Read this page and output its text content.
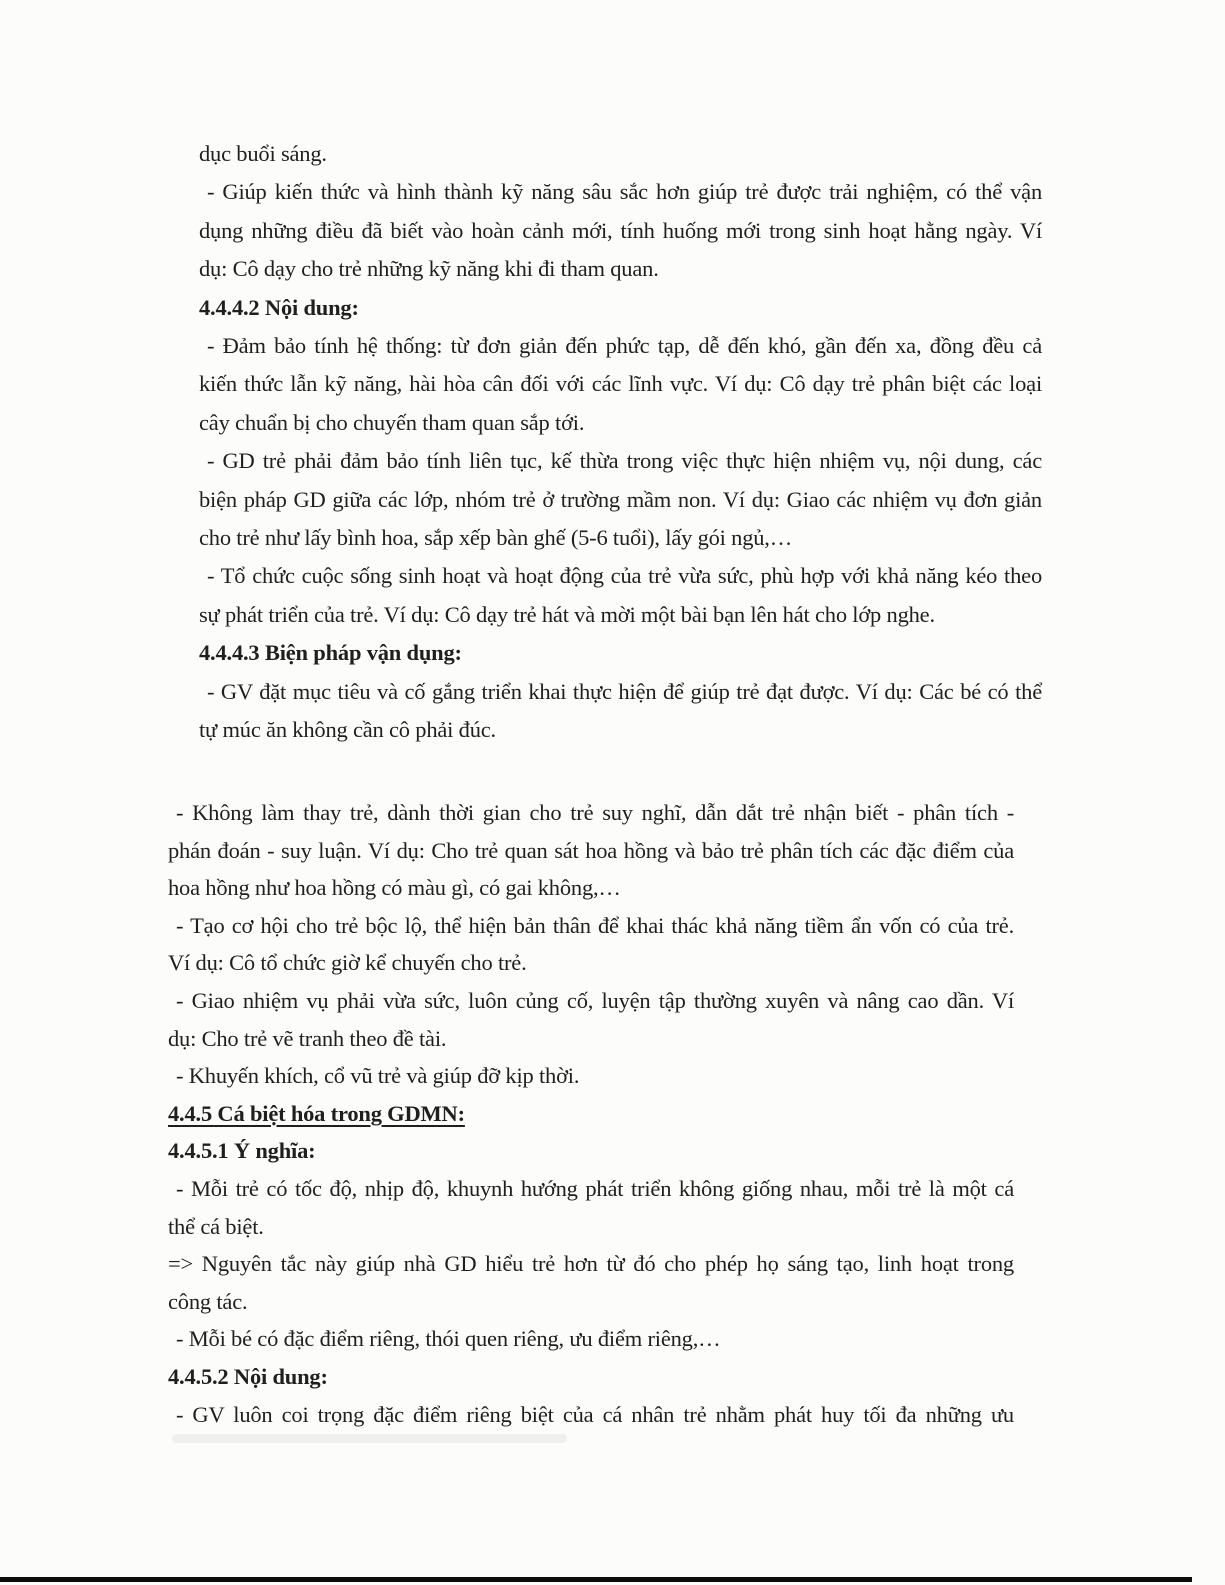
dục buổi sáng.
- Giúp kiến thức và hình thành kỹ năng sâu sắc hơn giúp trẻ được trải nghiệm, có thể vận
dụng những điều đã biết vào hoàn cảnh mới, tính huống mới trong sinh hoạt hằng ngày. Ví
dụ: Cô dạy cho trẻ những kỹ năng khi đi tham quan.
4.4.4.2 Nội dung:
- Đảm bảo tính hệ thống: từ đơn giản đến phức tạp, dễ đến khó, gần đến xa, đồng đều cả
kiến thức lẫn kỹ năng, hài hòa cân đối với các lĩnh vực. Ví dụ: Cô dạy trẻ phân biệt các loại
cây chuẩn bị cho chuyến tham quan sắp tới.
- GD trẻ phải đảm bảo tính liên tục, kế thừa trong việc thực hiện nhiệm vụ, nội dung, các
biện pháp GD giữa các lớp, nhóm trẻ ở trường mầm non. Ví dụ: Giao các nhiệm vụ đơn giản
cho trẻ như lấy bình hoa, sắp xếp bàn ghế (5-6 tuổi), lấy gói ngủ,…
- Tổ chức cuộc sống sinh hoạt và hoạt động của trẻ vừa sức, phù hợp với khả năng kéo theo
sự phát triển của trẻ. Ví dụ: Cô dạy trẻ hát và mời một bài bạn lên hát cho lớp nghe.
4.4.4.3 Biện pháp vận dụng:
- GV đặt mục tiêu và cố gắng triển khai thực hiện để giúp trẻ đạt được. Ví dụ: Các bé có thể
tự múc ăn không cần cô phải đúc.
- Không làm thay trẻ, dành thời gian cho trẻ suy nghĩ, dẫn dắt trẻ nhận biết - phân tích -
phán đoán - suy luận. Ví dụ: Cho trẻ quan sát hoa hồng và bảo trẻ phân tích các đặc điểm của
hoa hồng như hoa hồng có màu gì, có gai không,…
- Tạo cơ hội cho trẻ bộc lộ, thể hiện bản thân để khai thác khả năng tiềm ẩn vốn có của trẻ.
Ví dụ: Cô tổ chức giờ kể chuyến cho trẻ.
- Giao nhiệm vụ phải vừa sức, luôn củng cố, luyện tập thường xuyên và nâng cao dần. Ví
dụ: Cho trẻ vẽ tranh theo đề tài.
- Khuyến khích, cổ vũ trẻ và giúp đỡ kịp thời.
4.4.5 Cá biệt hóa trong GDMN:
4.4.5.1 Ý nghĩa:
- Mỗi trẻ có tốc độ, nhịp độ, khuynh hướng phát triển không giống nhau, mỗi trẻ là một cá
thể cá biệt.
=> Nguyên tắc này giúp nhà GD hiểu trẻ hơn từ đó cho phép họ sáng tạo, linh hoạt trong
công tác.
- Mỗi bé có đặc điểm riêng, thói quen riêng, ưu điểm riêng,…
4.4.5.2 Nội dung:
- GV luôn coi trọng đặc điểm riêng biệt của cá nhân trẻ nhằm phát huy tối đa những ưu
